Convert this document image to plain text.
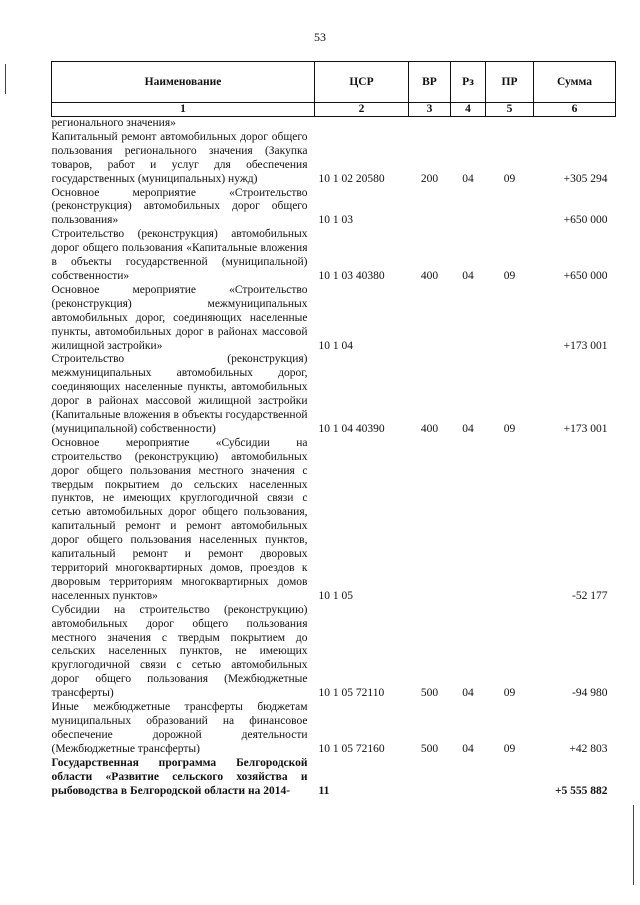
53
Наименование	ЦСР	ВР	Рз	ПР	Сумма
1	2	3	4	5	6
регионального значения»					
Капитальный ремонт автомобильных дорог общего пользования регионального значения (Закупка товаров, работ и услуг для обеспечения государственных (муниципальных) нужд)	10 1 02 20580	200	04	09	+305 294
Основное мероприятие «Строительство (реконструкция) автомобильных дорог общего пользования»	10 1 03				+650 000
Строительство (реконструкция) автомобильных дорог общего пользования «Капитальные вложения в объекты государственной (муниципальной) собственности»	10 1 03 40380	400	04	09	+650 000
Основное мероприятие «Строительство (реконструкция) межмуниципальных автомобильных дорог, соединяющих населенные пункты, автомобильных дорог в районах массовой жилищной застройки»	10 1 04				+173 001
Строительство (реконструкция) межмуниципальных автомобильных дорог, соединяющих населенные пункты, автомобильных дорог в районах массовой жилищной застройки (Капитальные вложения в объекты государственной (муниципальной) собственности)	10 1 04 40390	400	04	09	+173 001
Основное мероприятие «Субсидии на строительство (реконструкцию) автомобильных дорог общего пользования местного значения с твердым покрытием до сельских населенных пунктов, не имеющих круглогодичной связи с сетью автомобильных дорог общего пользования, капитальный ремонт и ремонт автомобильных дорог общего пользования населенных пунктов, капитальный ремонт и ремонт дворовых территорий многоквартирных домов, проездов к дворовым территориям многоквартирных домов населенных пунктов»	10 1 05				-52 177
Субсидии на строительство (реконструкцию) автомобильных дорог общего пользования местного значения с твердым покрытием до сельских населенных пунктов, не имеющих круглогодичной связи с сетью автомобильных дорог общего пользования (Межбюджетные трансферты)	10 1 05 72110	500	04	09	-94 980
Иные межбюджетные трансферты бюджетам муниципальных образований на финансовое обеспечение дорожной деятельности (Межбюджетные трансферты)	10 1 05 72160	500	04	09	+42 803
Государственная программа Белгородской области «Развитие сельского хозяйства и рыбоводства в Белгородской области на 2014-	11				+5 555 882
